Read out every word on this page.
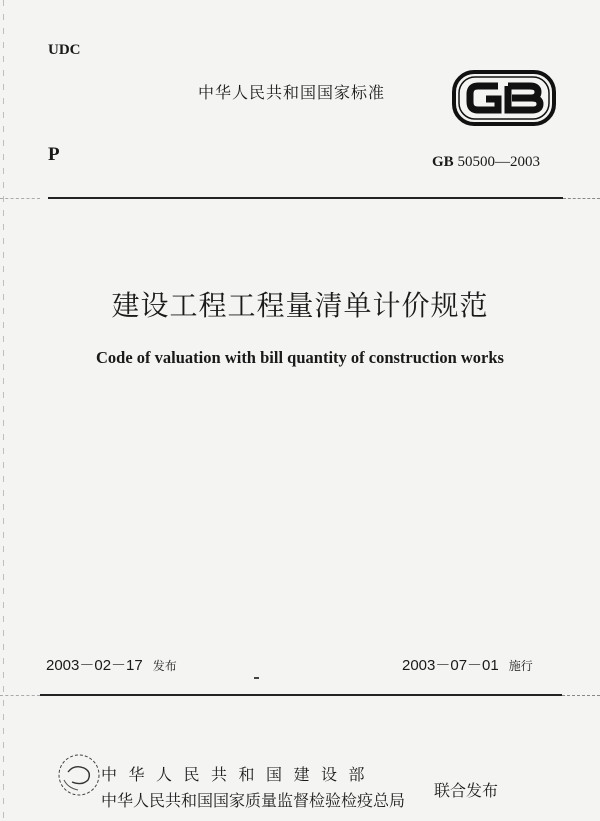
UDC
中华人民共和国国家标准
P	GB 50500—2003
建设工程工程量清单计价规范
Code of valuation with bill quantity of construction works
2003－02－17 发布	2003－07－01 施行
中华人民共和国建设部
中华人民共和国国家质量监督检验检疫总局
联合发布
